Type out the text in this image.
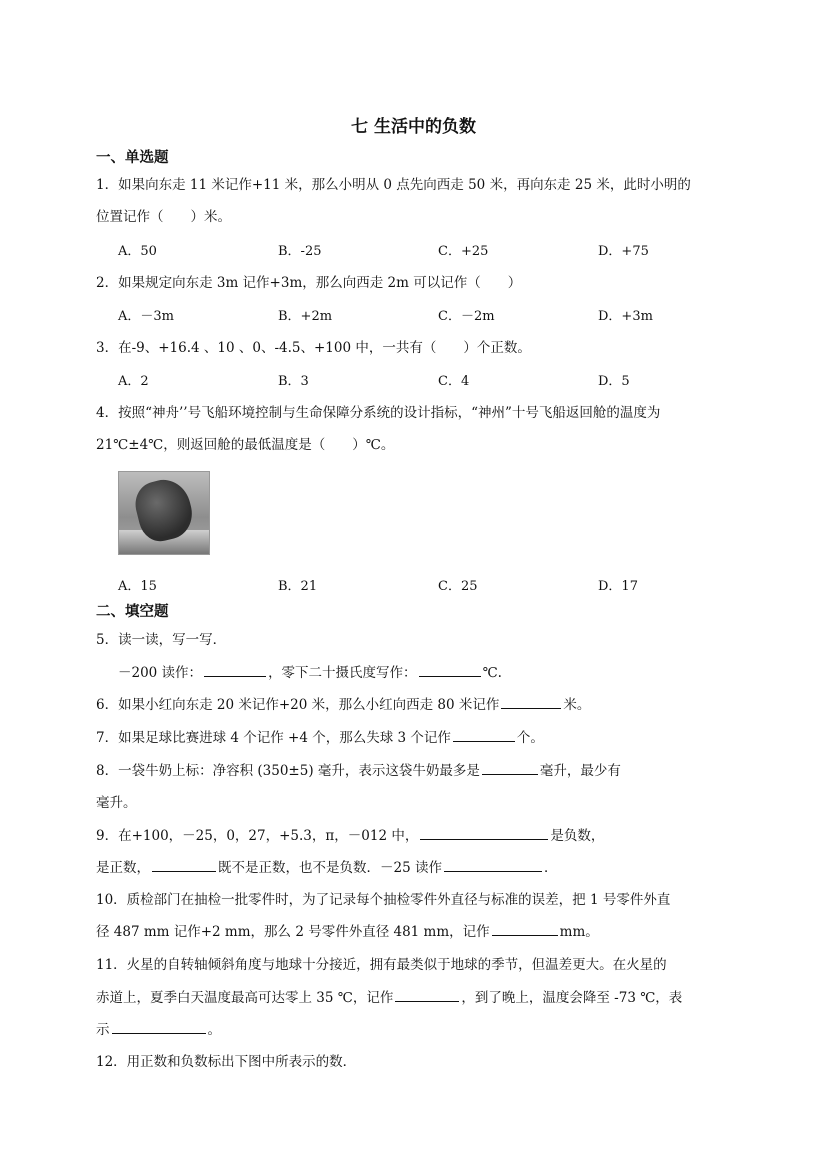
七 生活中的负数
一、单选题
1．如果向东走 11 米记作+11 米，那么小明从 0 点先向西走 50 米，再向东走 25 米，此时小明的
位置记作（　　）米。
A．50	B．-25	C．+25	D．+75
2．如果规定向东走 3m 记作+3m，那么向西走 2m 可以记作（　　）
A．－3m	B．+2m	C．－2m	D．+3m
3．在-9、+16.4 、10 、0、-4.5、+100 中，一共有（　　）个正数。
A．2	B．3	C．4	D．5
4．按照“神舟’’号飞船环境控制与生命保障分系统的设计指标，“神州”十号飞船返回舱的温度为
21℃±4℃，则返回舱的最低温度是（　　）℃。
A．15	B．21	C．25	D．17
二、填空题
5．读一读，写一写．
－200 读作：	，零下二十摄氏度写作：	℃.
6．如果小红向东走 20 米记作+20 米，那么小红向西走 80 米记作	米。
7．如果足球比赛进球 4 个记作 +4 个，那么失球 3 个记作	个。
8．一袋牛奶上标：净容积 (350±5) 毫升，表示这袋牛奶最多是	毫升，最少有
毫升。
9．在+100，－25，0，27，+5.3，π，－012 中，	是负数，
是正数，	既不是正数，也不是负数．－25 读作	．
10．质检部门在抽检一批零件时，为了记录每个抽检零件外直径与标准的误差，把 1 号零件外直
径 487 mm 记作+2 mm，那么 2 号零件外直径 481 mm，记作	mm。
11．火星的自转轴倾斜角度与地球十分接近，拥有最类似于地球的季节，但温差更大。在火星的
赤道上，夏季白天温度最高可达零上 35 ℃，记作	，到了晚上，温度会降至 -73 ℃，表
示	。
12．用正数和负数标出下图中所表示的数．
